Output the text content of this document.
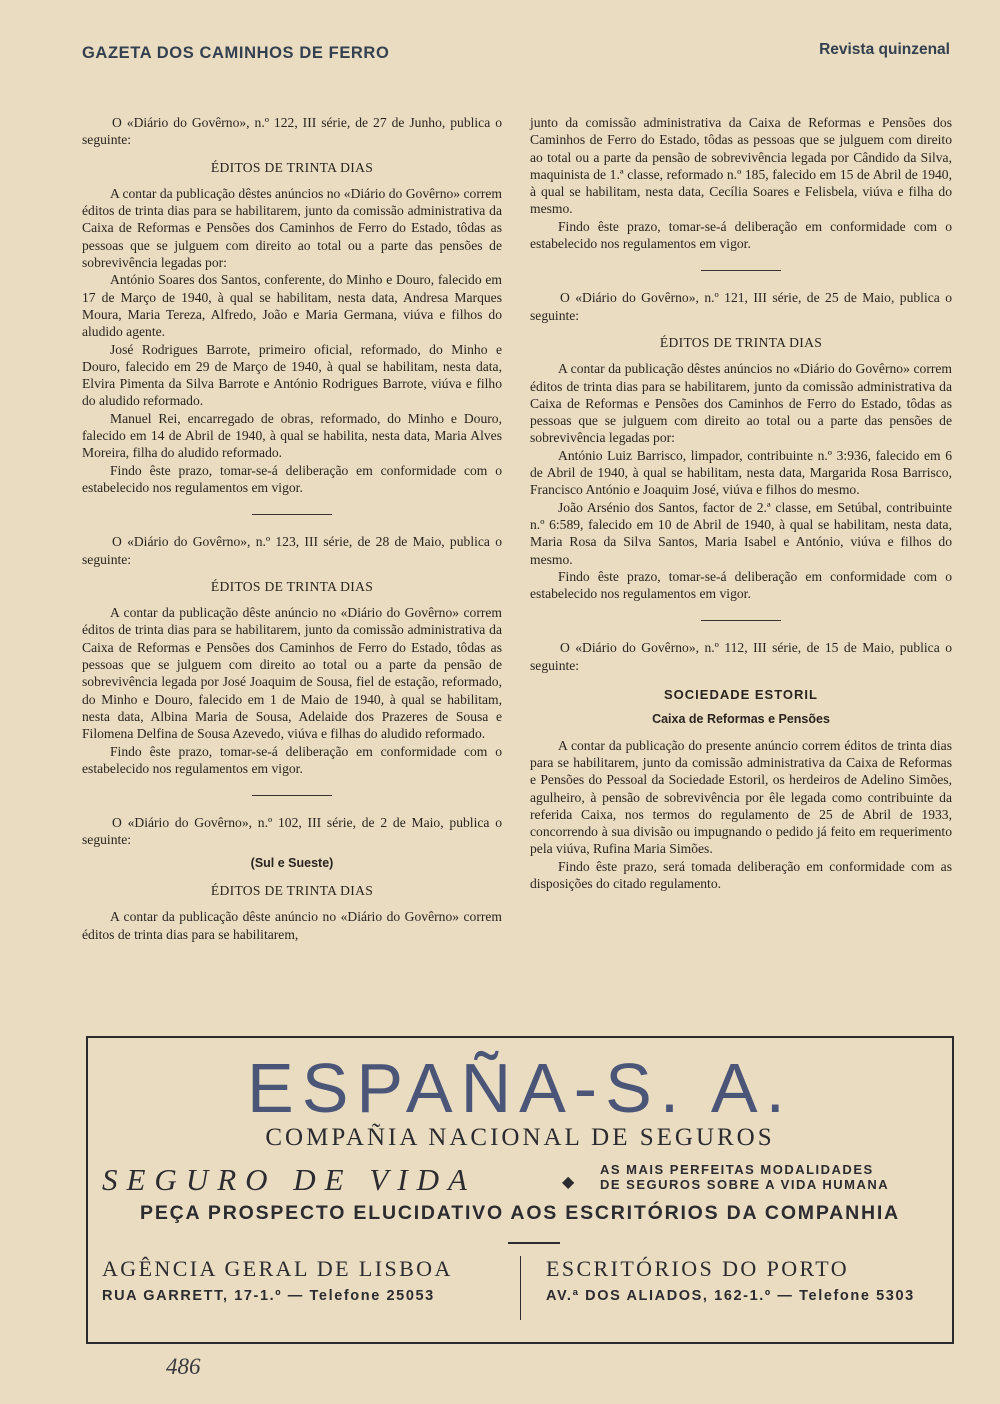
GAZETA DOS CAMINHOS DE FERRO	Revista quinzenal

O «Diário do Govêrno», n.º 122, III série, de 27 de Junho, publica o seguinte:

ÉDITOS DE TRINTA DIAS

A contar da publicação dêstes anúncios no «Diário do Govêrno» correm éditos de trinta dias para se habilitarem, junto da comissão administrativa da Caixa de Reformas e Pensões dos Caminhos de Ferro do Estado, tôdas as pessoas que se julguem com direito ao total ou a parte das pensões de sobrevivência legadas por:

António Soares dos Santos, conferente, do Minho e Douro, falecido em 17 de Março de 1940, à qual se habilitam, nesta data, Andresa Marques Moura, Maria Tereza, Alfredo, João e Maria Germana, viúva e filhos do aludido agente.

José Rodrigues Barrote, primeiro oficial, reformado, do Minho e Douro, falecido em 29 de Março de 1940, à qual se habilitam, nesta data, Elvira Pimenta da Silva Barrote e António Rodrigues Barrote, viúva e filho do aludido reformado.

Manuel Rei, encarregado de obras, reformado, do Minho e Douro, falecido em 14 de Abril de 1940, à qual se habilita, nesta data, Maria Alves Moreira, filha do aludido reformado.

Findo êste prazo, tomar-se-á deliberação em conformidade com o estabelecido nos regulamentos em vigor.

O «Diário do Govêrno», n.º 123, III série, de 28 de Maio, publica o seguinte:

ÉDITOS DE TRINTA DIAS

A contar da publicação dêste anúncio no «Diário do Govêrno» correm éditos de trinta dias para se habilitarem, junto da comissão administrativa da Caixa de Reformas e Pensões dos Caminhos de Ferro do Estado, tôdas as pessoas que se julguem com direito ao total ou a parte da pensão de sobrevivência legada por José Joaquim de Sousa, fiel de estação, reformado, do Minho e Douro, falecido em 1 de Maio de 1940, à qual se habilitam, nesta data, Albina Maria de Sousa, Adelaide dos Prazeres de Sousa e Filomena Delfina de Sousa Azevedo, viúva e filhas do aludido reformado.

Findo êste prazo, tomar-se-á deliberação em conformidade com o estabelecido nos regulamentos em vigor.

O «Diário do Govêrno», n.º 102, III série, de 2 de Maio, publica o seguinte:

(Sul e Sueste)
ÉDITOS DE TRINTA DIAS

A contar da publicação dêste anúncio no «Diário do Govêrno» correm éditos de trinta dias para se habilitarem,

junto da comissão administrativa da Caixa de Reformas e Pensões dos Caminhos de Ferro do Estado, tôdas as pessoas que se julguem com direito ao total ou a parte da pensão de sobrevivência legada por Cândido da Silva, maquinista de 1.ª classe, reformado n.º 185, falecido em 15 de Abril de 1940, à qual se habilitam, nesta data, Cecília Soares e Felisbela, viúva e filha do mesmo.

Findo êste prazo, tomar-se-á deliberação em conformidade com o estabelecido nos regulamentos em vigor.

O «Diário do Govêrno», n.º 121, III série, de 25 de Maio, publica o seguinte:

ÉDITOS DE TRINTA DIAS

A contar da publicação dêstes anúncios no «Diário do Govêrno» correm éditos de trinta dias para se habilitarem, junto da comissão administrativa da Caixa de Reformas e Pensões dos Caminhos de Ferro do Estado, tôdas as pessoas que se julguem com direito ao total ou a parte das pensões de sobrevivência legadas por:

António Luiz Barrisco, limpador, contribuinte n.º 3:936, falecido em 6 de Abril de 1940, à qual se habilitam, nesta data, Margarida Rosa Barrisco, Francisco António e Joaquim José, viúva e filhos do mesmo.

João Arsénio dos Santos, factor de 2.ª classe, em Setúbal, contribuinte n.º 6:589, falecido em 10 de Abril de 1940, à qual se habilitam, nesta data, Maria Rosa da Silva Santos, Maria Isabel e António, viúva e filhos do mesmo.

Findo êste prazo, tomar-se-á deliberação em conformidade com o estabelecido nos regulamentos em vigor.

O «Diário do Govêrno», n.º 112, III série, de 15 de Maio, publica o seguinte:

SOCIEDADE ESTORIL
Caixa de Reformas e Pensões

A contar da publicação do presente anúncio correm éditos de trinta dias para se habilitarem, junto da comissão administrativa da Caixa de Reformas e Pensões do Pessoal da Sociedade Estoril, os herdeiros de Adelino Simões, agulheiro, à pensão de sobrevivência por êle legada como contribuinte da referida Caixa, nos termos do regulamento de 25 de Abril de 1933, concorrendo à sua divisão ou impugnando o pedido já feito em requerimento pela viúva, Rufina Maria Simões.

Findo êste prazo, será tomada deliberação em conformidade com as disposições do citado regulamento.

ESPAÑA-S. A.
COMPAÑIA NACIONAL DE SEGUROS
SEGURO DE VIDA	◆
AS MAIS PERFEITAS MODALIDADES
DE SEGUROS SOBRE A VIDA HUMANA
PEÇA PROSPECTO ELUCIDATIVO AOS ESCRITÓRIOS DA COMPANHIA
AGÊNCIA GERAL DE LISBOA
RUA GARRETT, 17-1.º — Telefone 25053
ESCRITÓRIOS DO PORTO
AV.ª DOS ALIADOS, 162-1.º — Telefone 5303
486
